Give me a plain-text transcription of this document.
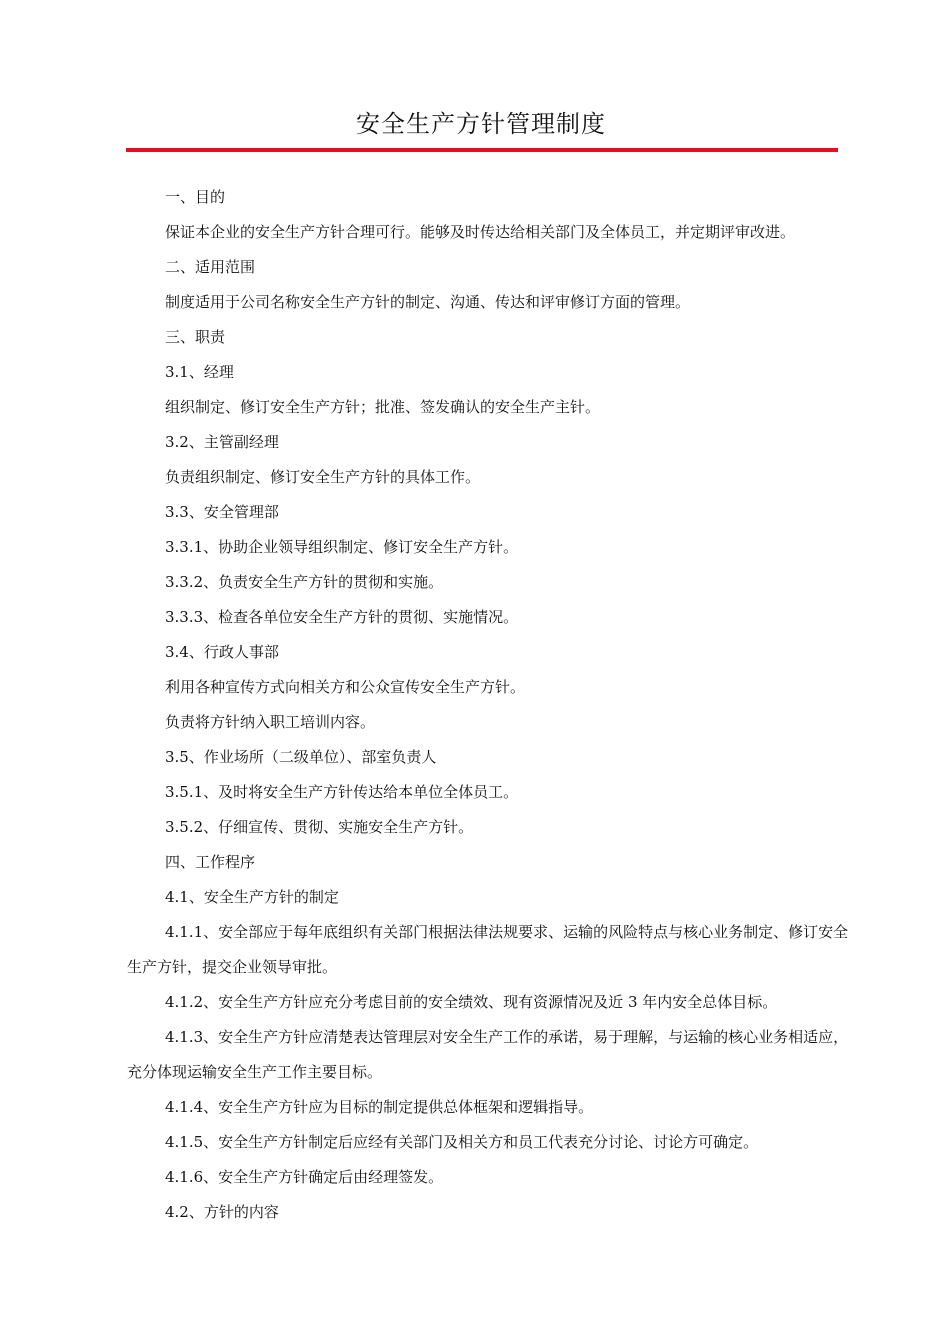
安全生产方针管理制度
一、目的
保证本企业的安全生产方针合理可行。能够及时传达给相关部门及全体员工，并定期评审改进。
二、适用范围
制度适用于公司名称安全生产方针的制定、沟通、传达和评审修订方面的管理。
三、职责
3.1、经理
组织制定、修订安全生产方针；批准、签发确认的安全生产主针。
3.2、主管副经理
负责组织制定、修订安全生产方针的具体工作。
3.3、安全管理部
3.3.1、协助企业领导组织制定、修订安全生产方针。
3.3.2、负责安全生产方针的贯彻和实施。
3.3.3、检查各单位安全生产方针的贯彻、实施情况。
3.4、行政人事部
利用各种宣传方式向相关方和公众宣传安全生产方针。
负责将方针纳入职工培训内容。
3.5、作业场所（二级单位）、部室负责人
3.5.1、及时将安全生产方针传达给本单位全体员工。
3.5.2、仔细宣传、贯彻、实施安全生产方针。
四、工作程序
4.1、安全生产方针的制定
4.1.1、安全部应于每年底组织有关部门根据法律法规要求、运输的风险特点与核心业务制定、修订安全生产方针，提交企业领导审批。
4.1.2、安全生产方针应充分考虑目前的安全绩效、现有资源情况及近 3 年内安全总体目标。
4.1.3、安全生产方针应清楚表达管理层对安全生产工作的承诺，易于理解，与运输的核心业务相适应，充分体现运输安全生产工作主要目标。
4.1.4、安全生产方针应为目标的制定提供总体框架和逻辑指导。
4.1.5、安全生产方针制定后应经有关部门及相关方和员工代表充分讨论、讨论方可确定。
4.1.6、安全生产方针确定后由经理签发。
4.2、方针的内容
